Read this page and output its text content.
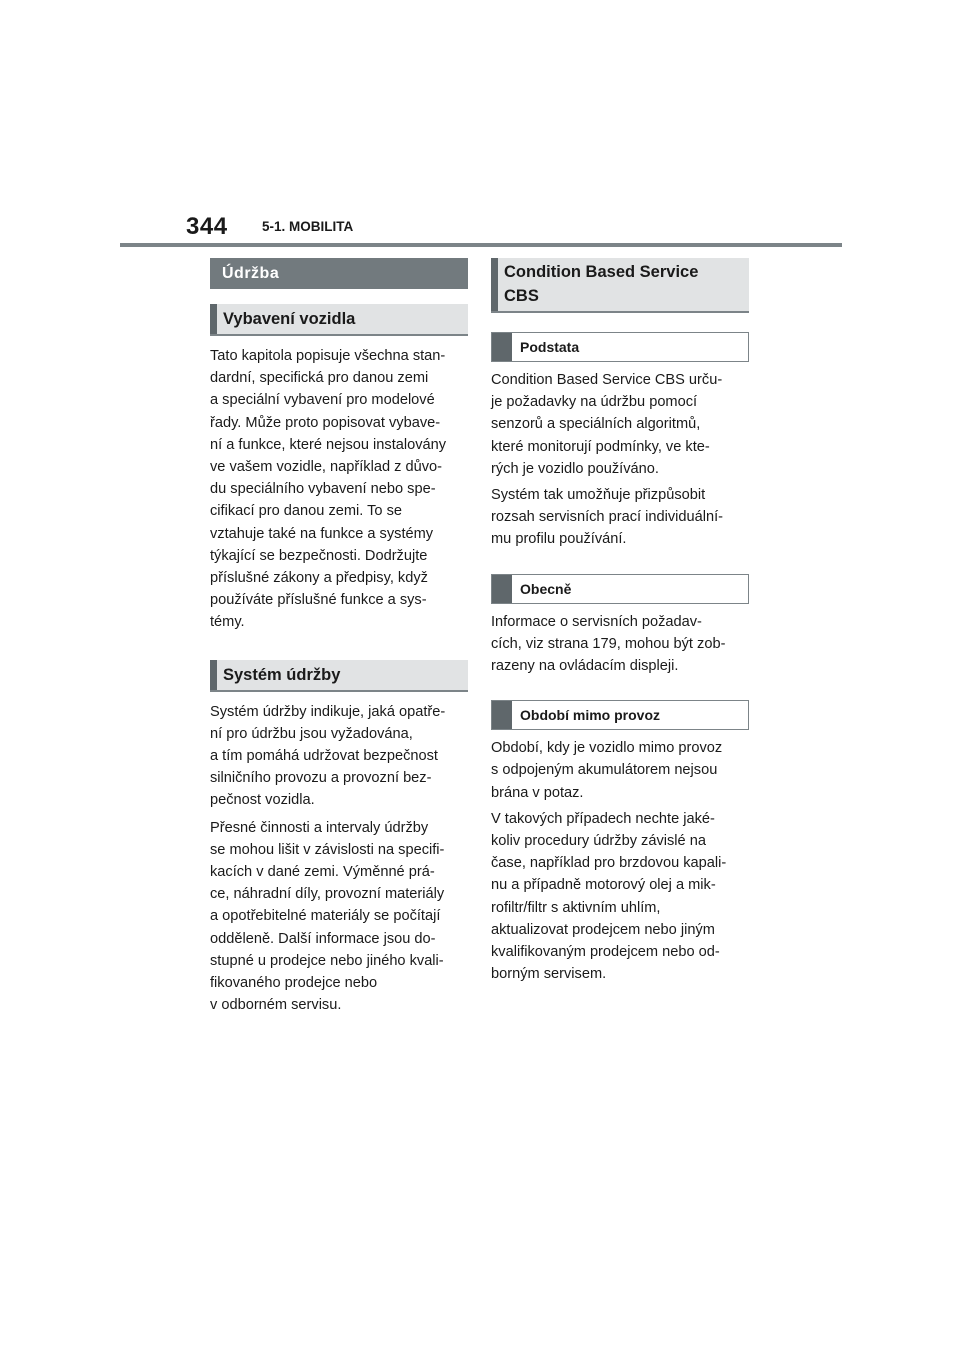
344	5-1. MOBILITA
Údržba
Vybavení vozidla

Tato kapitola popisuje všechna stan-
dardní, specifická pro danou zemi
a speciální vybavení pro modelové
řady. Může proto popisovat vybave-
ní a funkce, které nejsou instalovány
ve vašem vozidle, například z důvo-
du speciálního vybavení nebo spe-
cifikací pro danou zemi. To se
vztahuje také na funkce a systémy
týkající se bezpečnosti. Dodržujte
příslušné zákony a předpisy, když
používáte příslušné funkce a sys-
témy.

Systém údržby

Systém údržby indikuje, jaká opatře-
ní pro údržbu jsou vyžadována,
a tím pomáhá udržovat bezpečnost
silničního provozu a provozní bez-
pečnost vozidla.

Přesné činnosti a intervaly údržby
se mohou lišit v závislosti na specifi-
kacích v dané zemi. Výměnné prá-
ce, náhradní díly, provozní materiály
a opotřebitelné materiály se počítají
odděleně. Další informace jsou do-
stupné u prodejce nebo jiného kvali-
fikovaného prodejce nebo
v odborném servisu.

Condition Based Service
CBS
Podstata

Condition Based Service CBS urču-
je požadavky na údržbu pomocí
senzorů a speciálních algoritmů,
které monitorují podmínky, ve kte-
rých je vozidlo používáno.

Systém tak umožňuje přizpůsobit
rozsah servisních prací individuální-
mu profilu používání.

Obecně

Informace o servisních požadav-
cích, viz strana 179, mohou být zob-
razeny na ovládacím displeji.

Období mimo provoz

Období, kdy je vozidlo mimo provoz
s odpojeným akumulátorem nejsou
brána v potaz.

V takových případech nechte jaké-
koliv procedury údržby závislé na
čase, například pro brzdovou kapali-
nu a případně motorový olej a mik-
rofiltr/filtr s aktivním uhlím,
aktualizovat prodejcem nebo jiným
kvalifikovaným prodejcem nebo od-
borným servisem.
